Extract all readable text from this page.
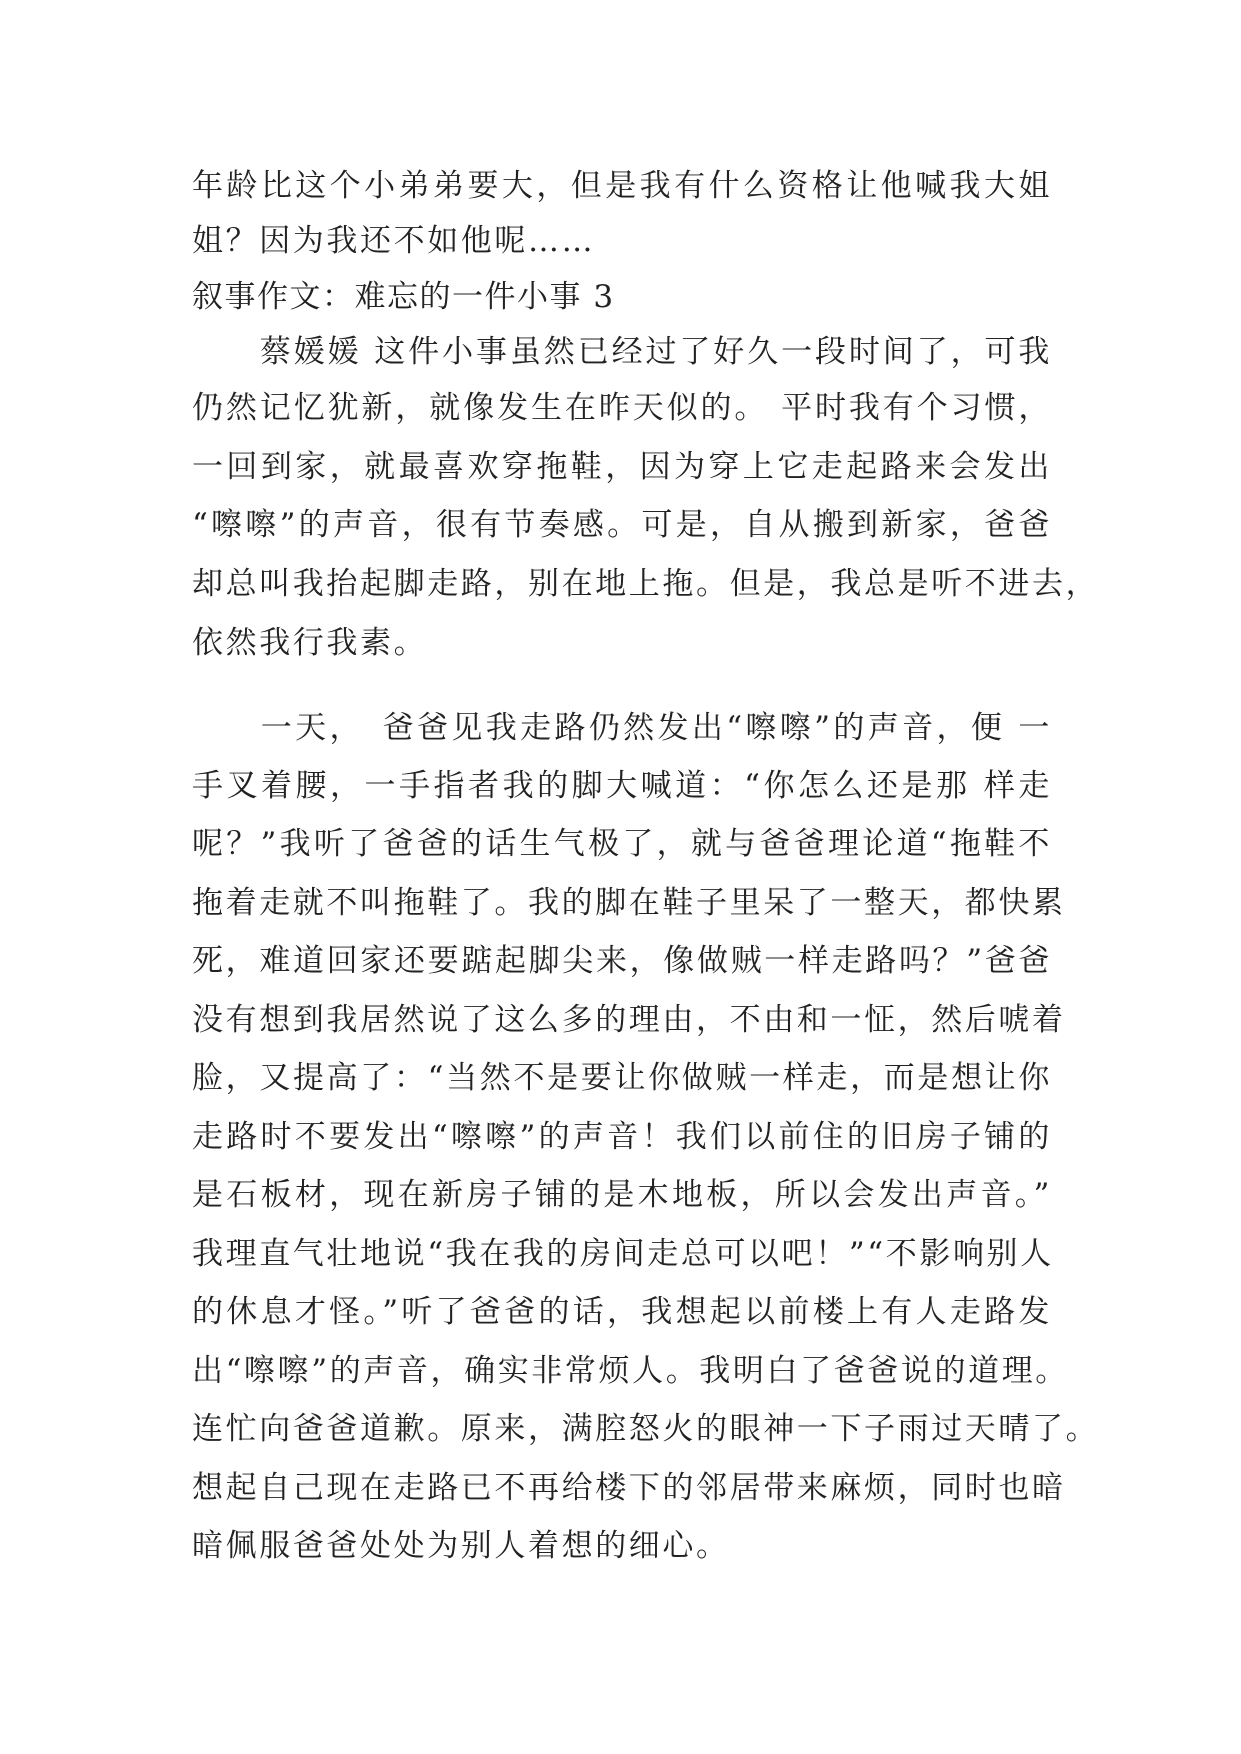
年龄比这个小弟弟要大，但是我有什么资格让他喊我大姐
姐？因为我还不如他呢……
叙事作文：难忘的一件小事 3
　　蔡媛媛 这件小事虽然已经过了好久一段时间了，可我
仍然记忆犹新，就像发生在昨天似的。 平时我有个习惯，
一回到家，就最喜欢穿拖鞋，因为穿上它走起路来会发出
“嚓嚓”的声音，很有节奏感。可是，自从搬到新家，爸爸
却总叫我抬起脚走路，别在地上拖。但是，我总是听不进去，
依然我行我素。
　　一天，　爸爸见我走路仍然发出“嚓嚓”的声音，便 一
手叉着腰，一手指者我的脚大喊道：“你怎么还是那 样走
呢？”我听了爸爸的话生气极了，就与爸爸理论道“拖鞋不
拖着走就不叫拖鞋了。我的脚在鞋子里呆了一整天，都快累
死，难道回家还要踮起脚尖来，像做贼一样走路吗？”爸爸
没有想到我居然说了这么多的理由，不由和一怔，然后唬着
脸，又提高了：“当然不是要让你做贼一样走，而是想让你
走路时不要发出“嚓嚓”的声音！我们以前住的旧房子铺的
是石板材，现在新房子铺的是木地板，所以会发出声音。”
我理直气壮地说“我在我的房间走总可以吧！”“不影响别人
的休息才怪。”听了爸爸的话，我想起以前楼上有人走路发
出“嚓嚓”的声音，确实非常烦人。我明白了爸爸说的道理。
连忙向爸爸道歉。原来，满腔怒火的眼神一下子雨过天晴了。
想起自己现在走路已不再给楼下的邻居带来麻烦，同时也暗
暗佩服爸爸处处为别人着想的细心。
